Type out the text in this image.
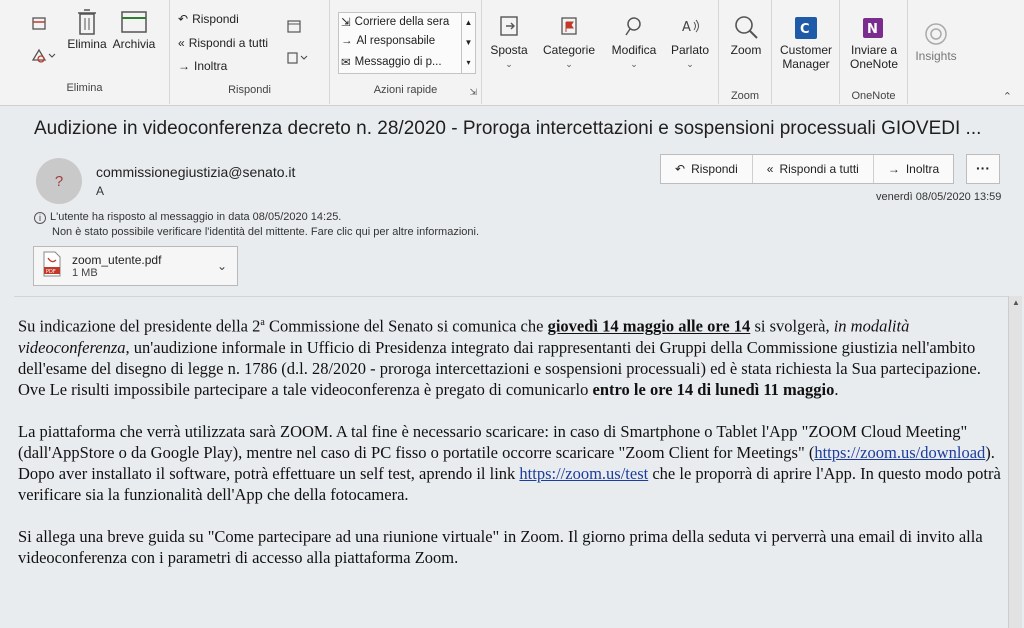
Elimina Archivia
Elimina
↶ Rispondi
« Rispondi a tutti
→ Inoltra
Rispondi
⇲ Corriere della sera
→ Al responsabile
✉ Messaggio di p...
▲
▼
▾
Azioni rapide	⇲
Sposta
⌄
Categorie
⌄
Modifica
⌄
A
Parlato
⌄
Zoom
Zoom
C
Customer
Manager
N
Inviare a
OneNote
OneNote
Insights
⌃
Audizione in videoconferenza decreto n. 28/2020 - Proroga intercettazioni e sospensioni processuali GIOVEDI ...
?
commissionegiustizia@senato.it
A
↶ Rispondi « Rispondi a tutti → Inoltra	···
venerdì 08/05/2020 13:59
i L'utente ha risposto al messaggio in data 08/05/2020 14:25.
Non è stato possibile verificare l'identità del mittente. Fare clic qui per altre informazioni.
PDF
zoom_utente.pdf
1 MB	⌄

Su indicazione del presidente della 2$^a$ Commissione del Senato si comunica che giovedì 14 maggio alle ore 14 si svolgerà, in modalità videoconferenza, un'audizione informale in Ufficio di Presidenza integrato dai rappresentanti dei Gruppi della Commissione giustizia nell'ambito dell'esame del disegno di legge n. 1786 (d.l. 28/2020 - proroga intercettazioni e sospensioni processuali) ed è stata richiesta la Sua partecipazione. Ove Le risulti impossibile partecipare a tale videoconferenza è pregato di comunicarlo entro le ore 14 di lunedì 11 maggio.

La piattaforma che verrà utilizzata sarà ZOOM. A tal fine è necessario scaricare: in caso di Smartphone o Tablet l'App "ZOOM Cloud Meeting" (dall'AppStore o da Google Play), mentre nel caso di PC fisso o portatile occorre scaricare "Zoom Client for Meetings" (https://zoom.us/download). Dopo aver installato il software, potrà effettuare un self test, aprendo il link https://zoom.us/test che le proporrà di aprire l'App. In questo modo potrà verificare sia la funzionalità dell'App che della fotocamera.

Si allega una breve guida su "Come partecipare ad una riunione virtuale" in Zoom. Il giorno prima della seduta vi perverrà una email di invito alla videoconferenza con i parametri di accesso alla piattaforma Zoom.

▲
